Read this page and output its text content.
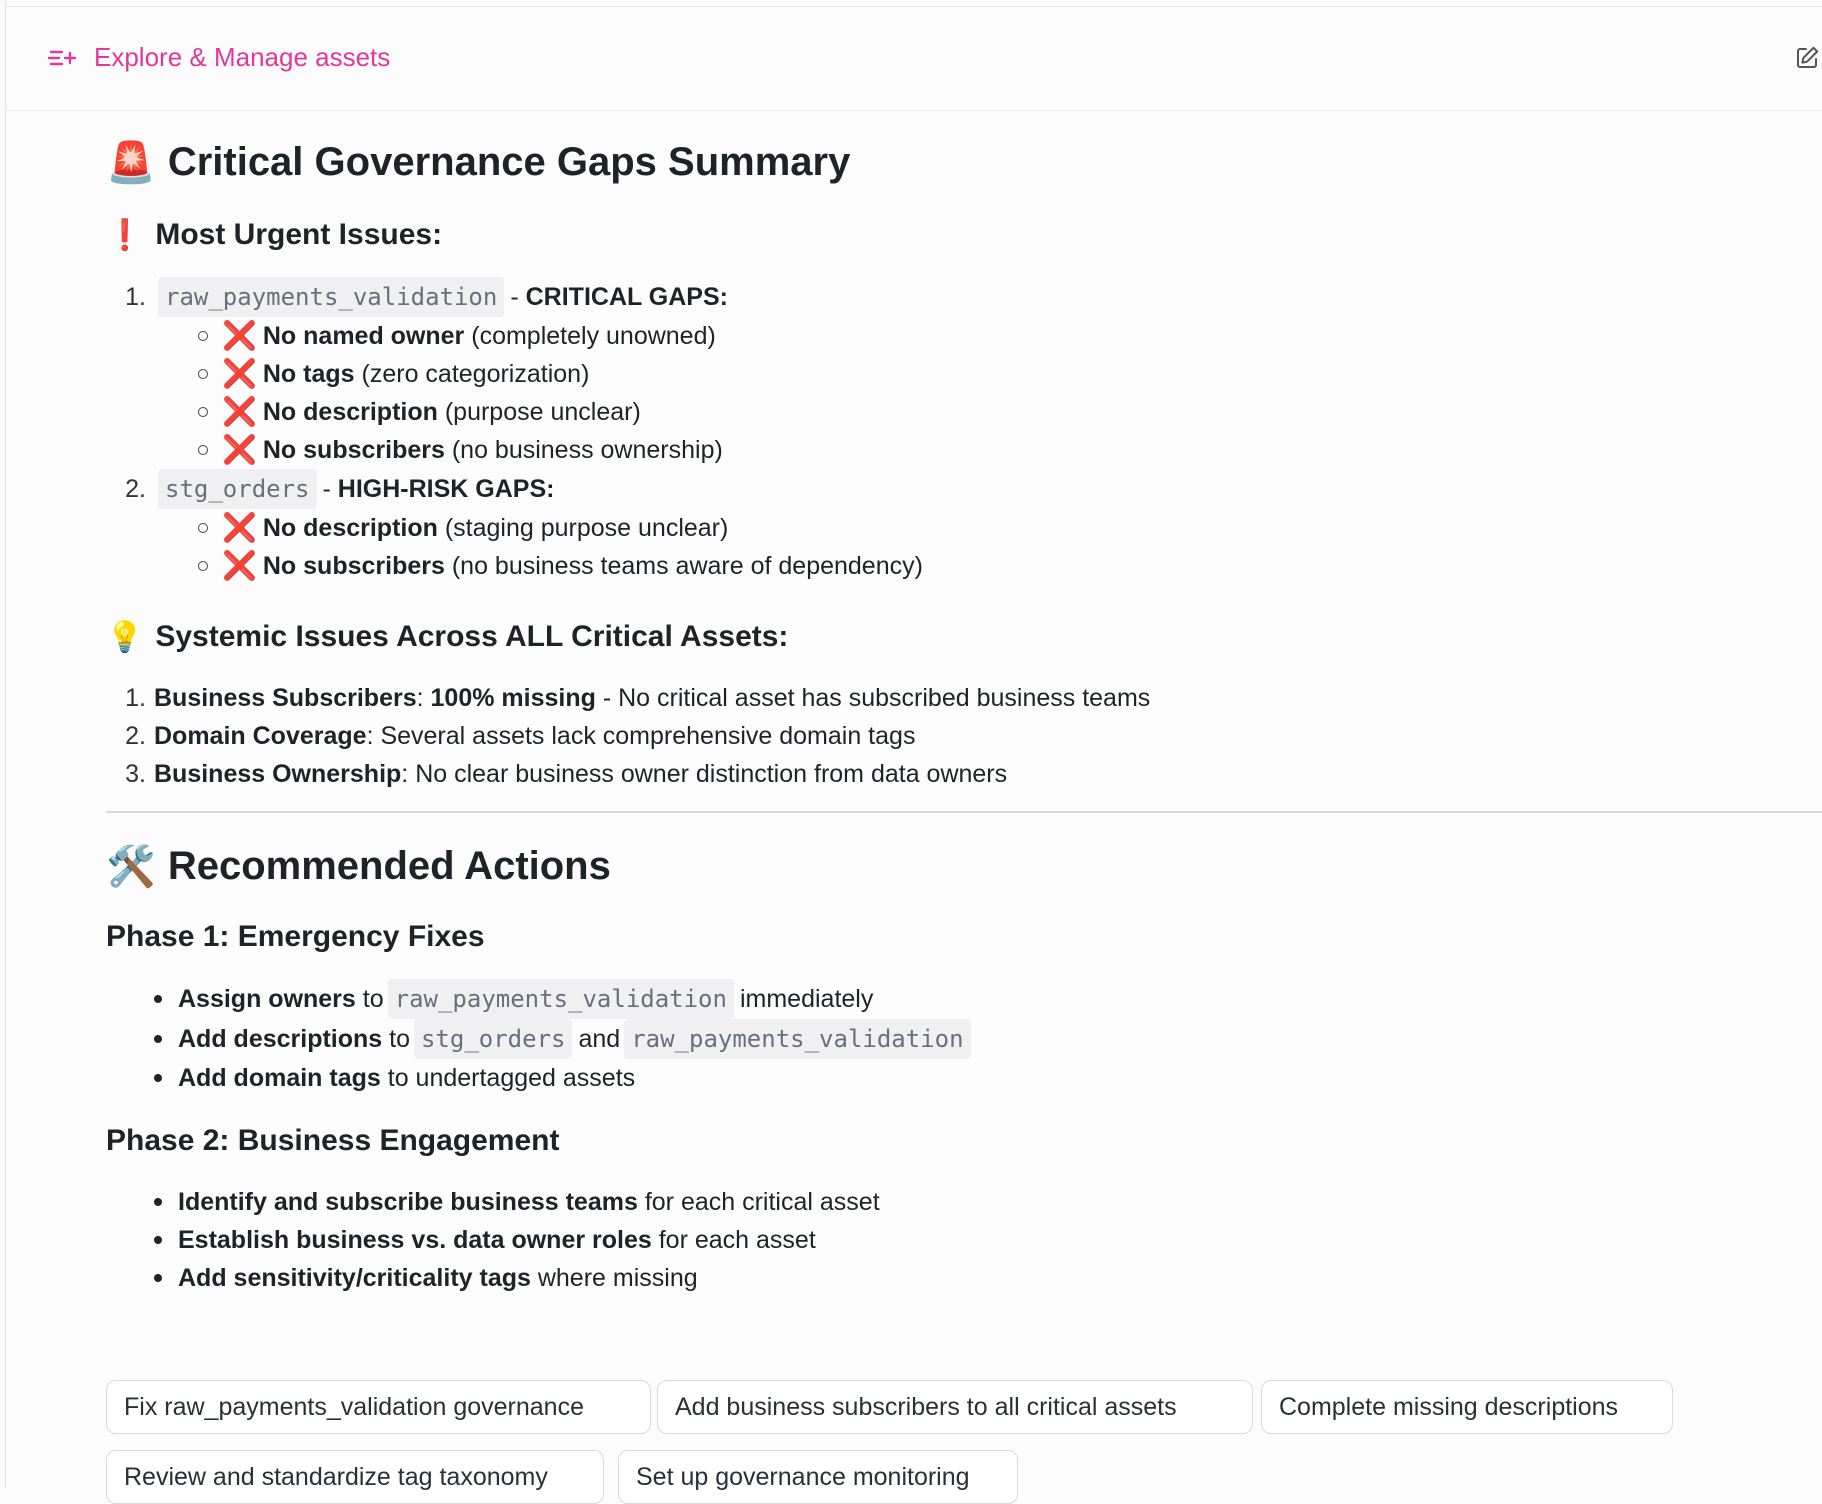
Explore & Manage assets
🚨 Critical Governance Gaps Summary
❗ Most Urgent Issues:
1. raw_payments_validation - CRITICAL GAPS:
❌ No named owner (completely unowned)
❌ No tags (zero categorization)
❌ No description (purpose unclear)
❌ No subscribers (no business ownership)
2. stg_orders - HIGH-RISK GAPS:
❌ No description (staging purpose unclear)
❌ No subscribers (no business teams aware of dependency)
💡 Systemic Issues Across ALL Critical Assets:
1. Business Subscribers : 100% missing - No critical asset has subscribed business teams
2. Domain Coverage : Several assets lack comprehensive domain tags
3. Business Ownership : No clear business owner distinction from data owners
🛠️ Recommended Actions
Phase 1: Emergency Fixes
Assign owners to raw_payments_validation immediately
Add descriptions to stg_orders and raw_payments_validation
Add domain tags to undertagged assets
Phase 2: Business Engagement
Identify and subscribe business teams for each critical asset
Establish business vs. data owner roles for each asset
Add sensitivity/criticality tags where missing
Fix raw_payments_validation governance	Add business subscribers to all critical assets	Complete missing descriptions
Review and standardize tag taxonomy	Set up governance monitoring
